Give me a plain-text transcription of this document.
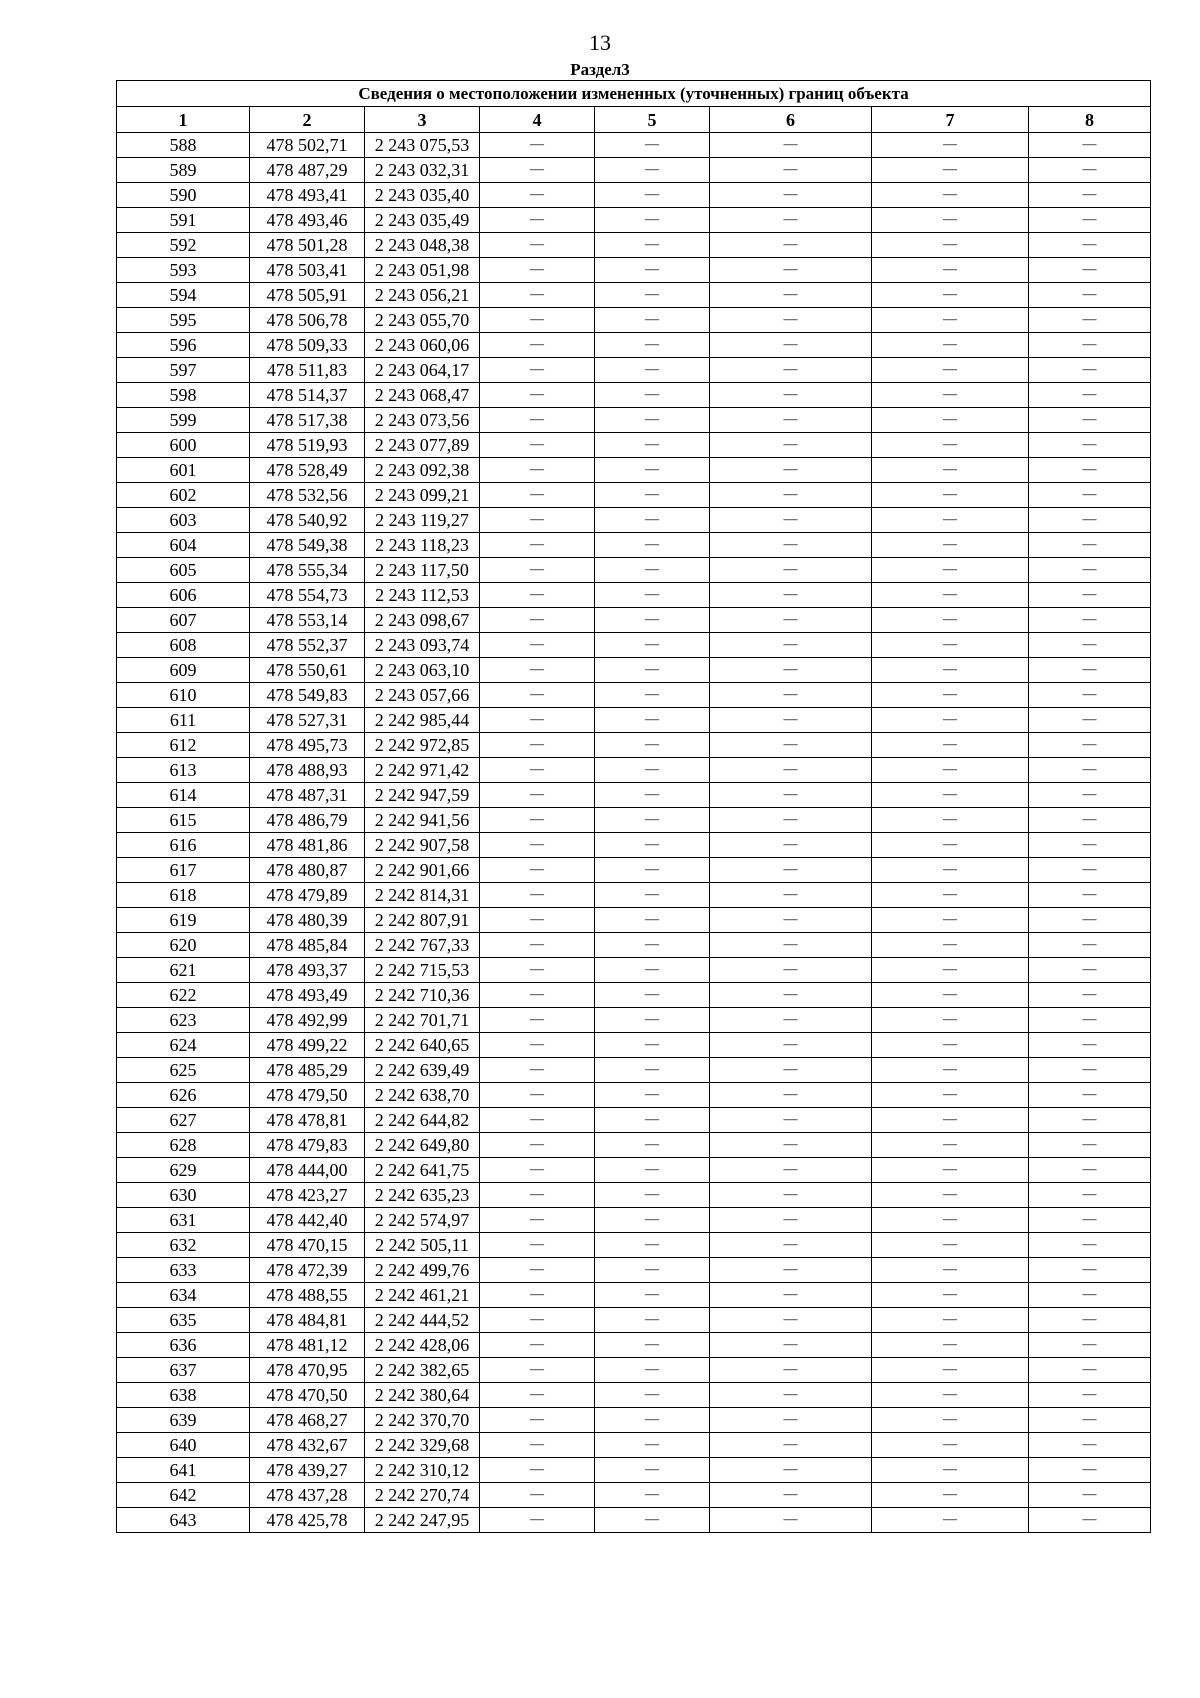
13
Раздел3
Сведения о местоположении измененных (уточненных) границ объекта							
1	2	3	4	5	6	7	8
588	478 502,71	2 243 075,53	—	—	—	—	—
589	478 487,29	2 243 032,31	—	—	—	—	—
590	478 493,41	2 243 035,40	—	—	—	—	—
591	478 493,46	2 243 035,49	—	—	—	—	—
592	478 501,28	2 243 048,38	—	—	—	—	—
593	478 503,41	2 243 051,98	—	—	—	—	—
594	478 505,91	2 243 056,21	—	—	—	—	—
595	478 506,78	2 243 055,70	—	—	—	—	—
596	478 509,33	2 243 060,06	—	—	—	—	—
597	478 511,83	2 243 064,17	—	—	—	—	—
598	478 514,37	2 243 068,47	—	—	—	—	—
599	478 517,38	2 243 073,56	—	—	—	—	—
600	478 519,93	2 243 077,89	—	—	—	—	—
601	478 528,49	2 243 092,38	—	—	—	—	—
602	478 532,56	2 243 099,21	—	—	—	—	—
603	478 540,92	2 243 119,27	—	—	—	—	—
604	478 549,38	2 243 118,23	—	—	—	—	—
605	478 555,34	2 243 117,50	—	—	—	—	—
606	478 554,73	2 243 112,53	—	—	—	—	—
607	478 553,14	2 243 098,67	—	—	—	—	—
608	478 552,37	2 243 093,74	—	—	—	—	—
609	478 550,61	2 243 063,10	—	—	—	—	—
610	478 549,83	2 243 057,66	—	—	—	—	—
611	478 527,31	2 242 985,44	—	—	—	—	—
612	478 495,73	2 242 972,85	—	—	—	—	—
613	478 488,93	2 242 971,42	—	—	—	—	—
614	478 487,31	2 242 947,59	—	—	—	—	—
615	478 486,79	2 242 941,56	—	—	—	—	—
616	478 481,86	2 242 907,58	—	—	—	—	—
617	478 480,87	2 242 901,66	—	—	—	—	—
618	478 479,89	2 242 814,31	—	—	—	—	—
619	478 480,39	2 242 807,91	—	—	—	—	—
620	478 485,84	2 242 767,33	—	—	—	—	—
621	478 493,37	2 242 715,53	—	—	—	—	—
622	478 493,49	2 242 710,36	—	—	—	—	—
623	478 492,99	2 242 701,71	—	—	—	—	—
624	478 499,22	2 242 640,65	—	—	—	—	—
625	478 485,29	2 242 639,49	—	—	—	—	—
626	478 479,50	2 242 638,70	—	—	—	—	—
627	478 478,81	2 242 644,82	—	—	—	—	—
628	478 479,83	2 242 649,80	—	—	—	—	—
629	478 444,00	2 242 641,75	—	—	—	—	—
630	478 423,27	2 242 635,23	—	—	—	—	—
631	478 442,40	2 242 574,97	—	—	—	—	—
632	478 470,15	2 242 505,11	—	—	—	—	—
633	478 472,39	2 242 499,76	—	—	—	—	—
634	478 488,55	2 242 461,21	—	—	—	—	—
635	478 484,81	2 242 444,52	—	—	—	—	—
636	478 481,12	2 242 428,06	—	—	—	—	—
637	478 470,95	2 242 382,65	—	—	—	—	—
638	478 470,50	2 242 380,64	—	—	—	—	—
639	478 468,27	2 242 370,70	—	—	—	—	—
640	478 432,67	2 242 329,68	—	—	—	—	—
641	478 439,27	2 242 310,12	—	—	—	—	—
642	478 437,28	2 242 270,74	—	—	—	—	—
643	478 425,78	2 242 247,95	—	—	—	—	—
